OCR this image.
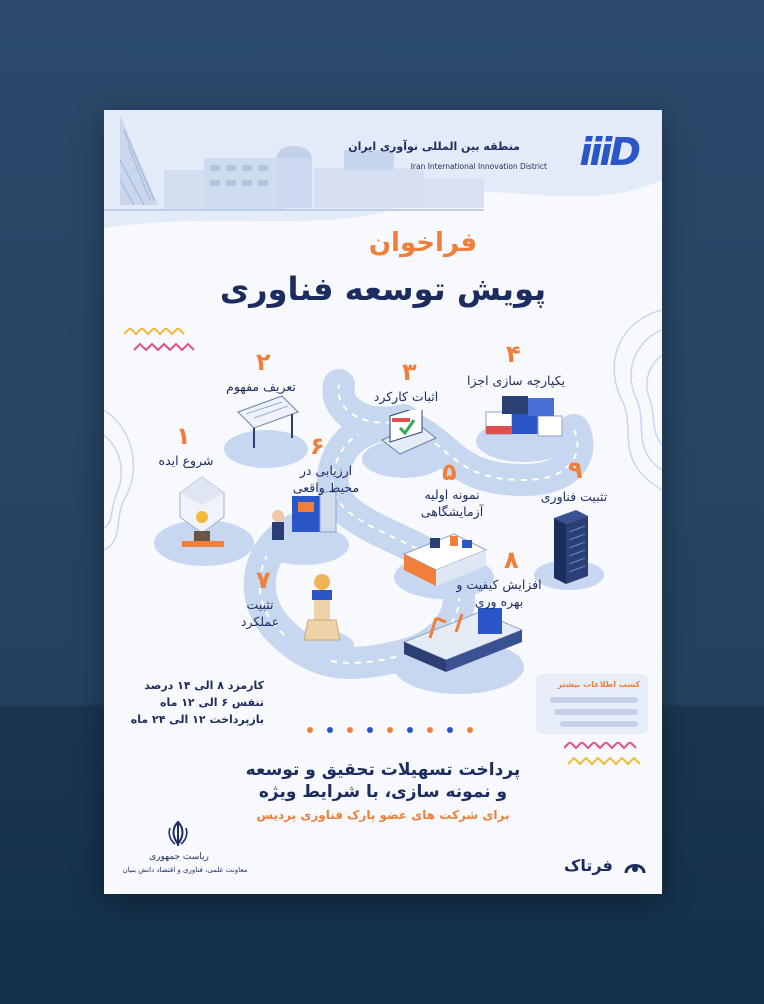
منطقه بین المللی نوآوری ایران
Iran International Innovation District iiiD
فراخوان
پویش توسعه فناوری
۱
شروع ایده
۲
تعریف مفهوم
۳
اثبات کارکرد
۴
یکپارچه سازی اجزا
۵
نمونه اولیه آزمایشگاهی
۶
ارزیابی در محیط واقعی
۷
تثبیت عملکرد
۸
افزایش کیفیت و بهره وری
۹
تثبیت فناوری
کارمزد ۸ الی ۱۴ درصد
تنفس ۶ الی ۱۲ ماه
بازپرداخت ۱۲ الی ۲۴ ماه
کسب اطلاعات بیشتر
پرداخت تسهیلات تحقیق و توسعه
و نمونه سازی، با شرایط ویژه
برای شرکت های عضو پارک فناوری پردیس
ریاست جمهوری
معاونت علمی، فناوری و اقتصاد دانش بنیان	فرتاک
